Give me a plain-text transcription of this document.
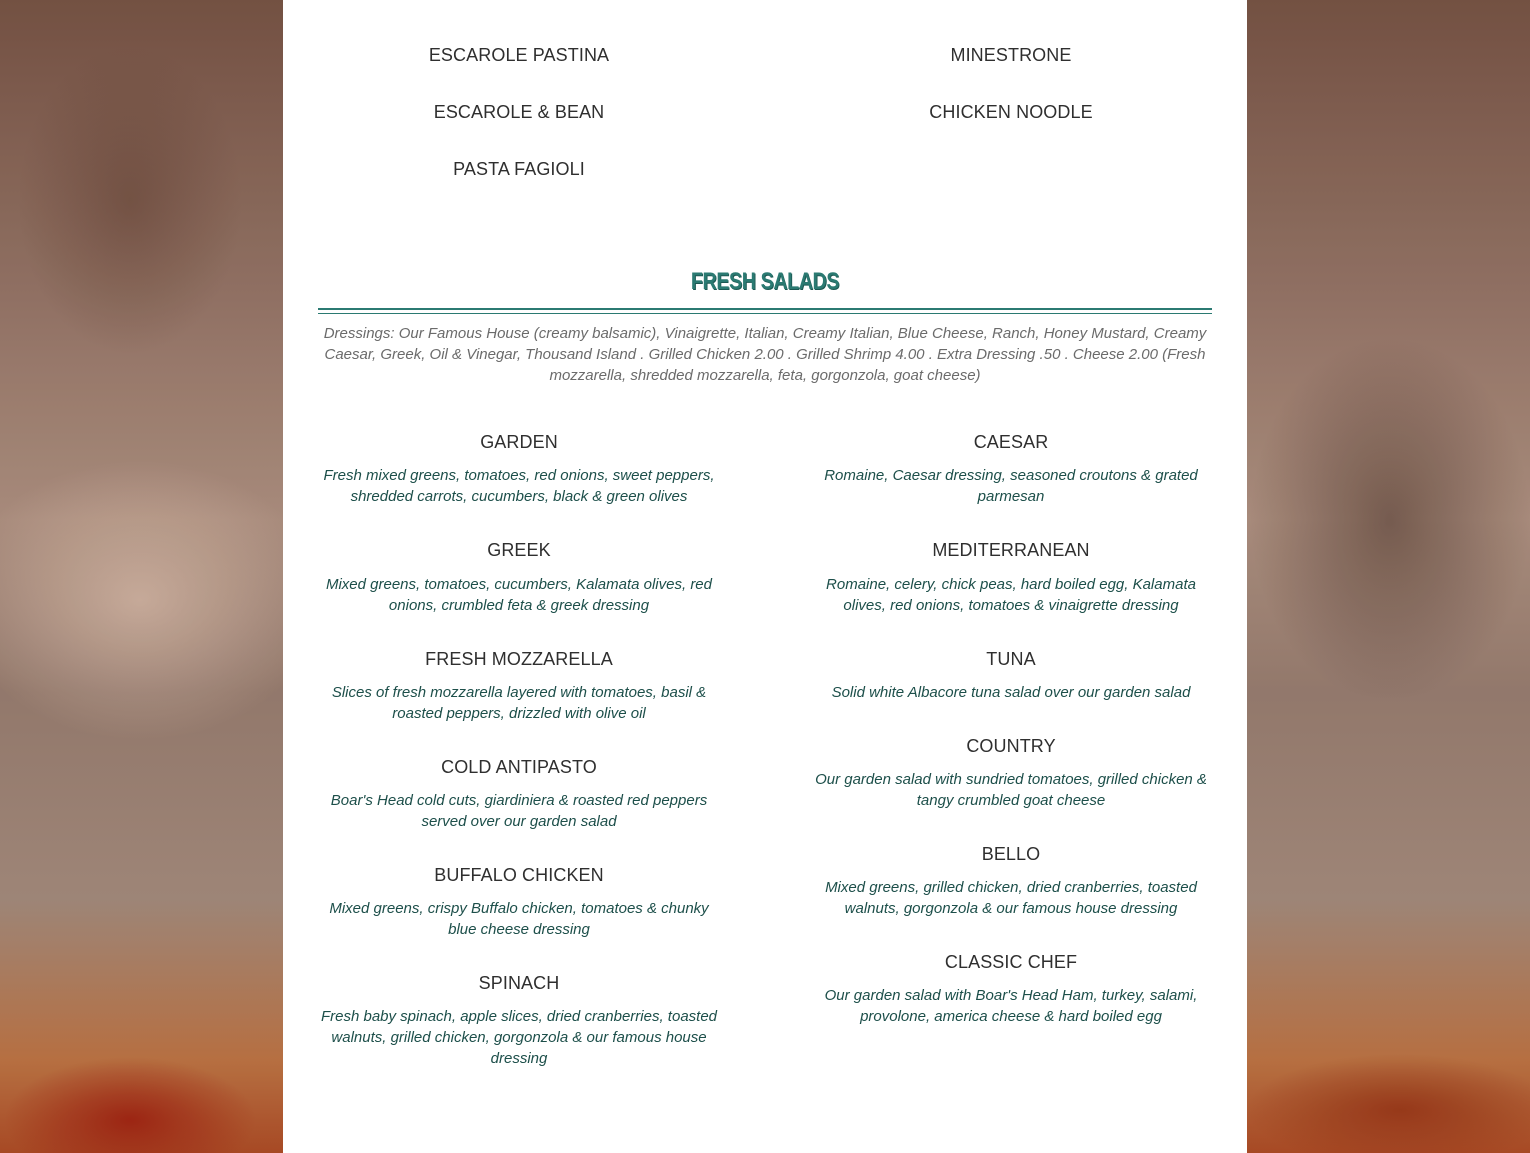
ESCAROLE PASTINA
ESCAROLE & BEAN
PASTA FAGIOLI
MINESTRONE
CHICKEN NOODLE
FRESH SALADS
Dressings: Our Famous House (creamy balsamic), Vinaigrette, Italian, Creamy Italian, Blue Cheese, Ranch, Honey Mustard, Creamy Caesar, Greek, Oil & Vinegar, Thousand Island . Grilled Chicken 2.00 . Grilled Shrimp 4.00 . Extra Dressing .50 . Cheese 2.00 (Fresh mozzarella, shredded mozzarella, feta, gorgonzola, goat cheese)
GARDEN
Fresh mixed greens, tomatoes, red onions, sweet peppers, shredded carrots, cucumbers, black & green olives
GREEK
Mixed greens, tomatoes, cucumbers, Kalamata olives, red onions, crumbled feta & greek dressing
FRESH MOZZARELLA
Slices of fresh mozzarella layered with tomatoes, basil & roasted peppers, drizzled with olive oil
COLD ANTIPASTO
Boar's Head cold cuts, giardiniera & roasted red peppers served over our garden salad
BUFFALO CHICKEN
Mixed greens, crispy Buffalo chicken, tomatoes & chunky blue cheese dressing
SPINACH
Fresh baby spinach, apple slices, dried cranberries, toasted walnuts, grilled chicken, gorgonzola & our famous house dressing
CAESAR
Romaine, Caesar dressing, seasoned croutons & grated parmesan
MEDITERRANEAN
Romaine, celery, chick peas, hard boiled egg, Kalamata olives, red onions, tomatoes & vinaigrette dressing
TUNA
Solid white Albacore tuna salad over our garden salad
COUNTRY
Our garden salad with sundried tomatoes, grilled chicken & tangy crumbled goat cheese
BELLO
Mixed greens, grilled chicken, dried cranberries, toasted walnuts, gorgonzola & our famous house dressing
CLASSIC CHEF
Our garden salad with Boar's Head Ham, turkey, salami, provolone, america cheese & hard boiled egg
